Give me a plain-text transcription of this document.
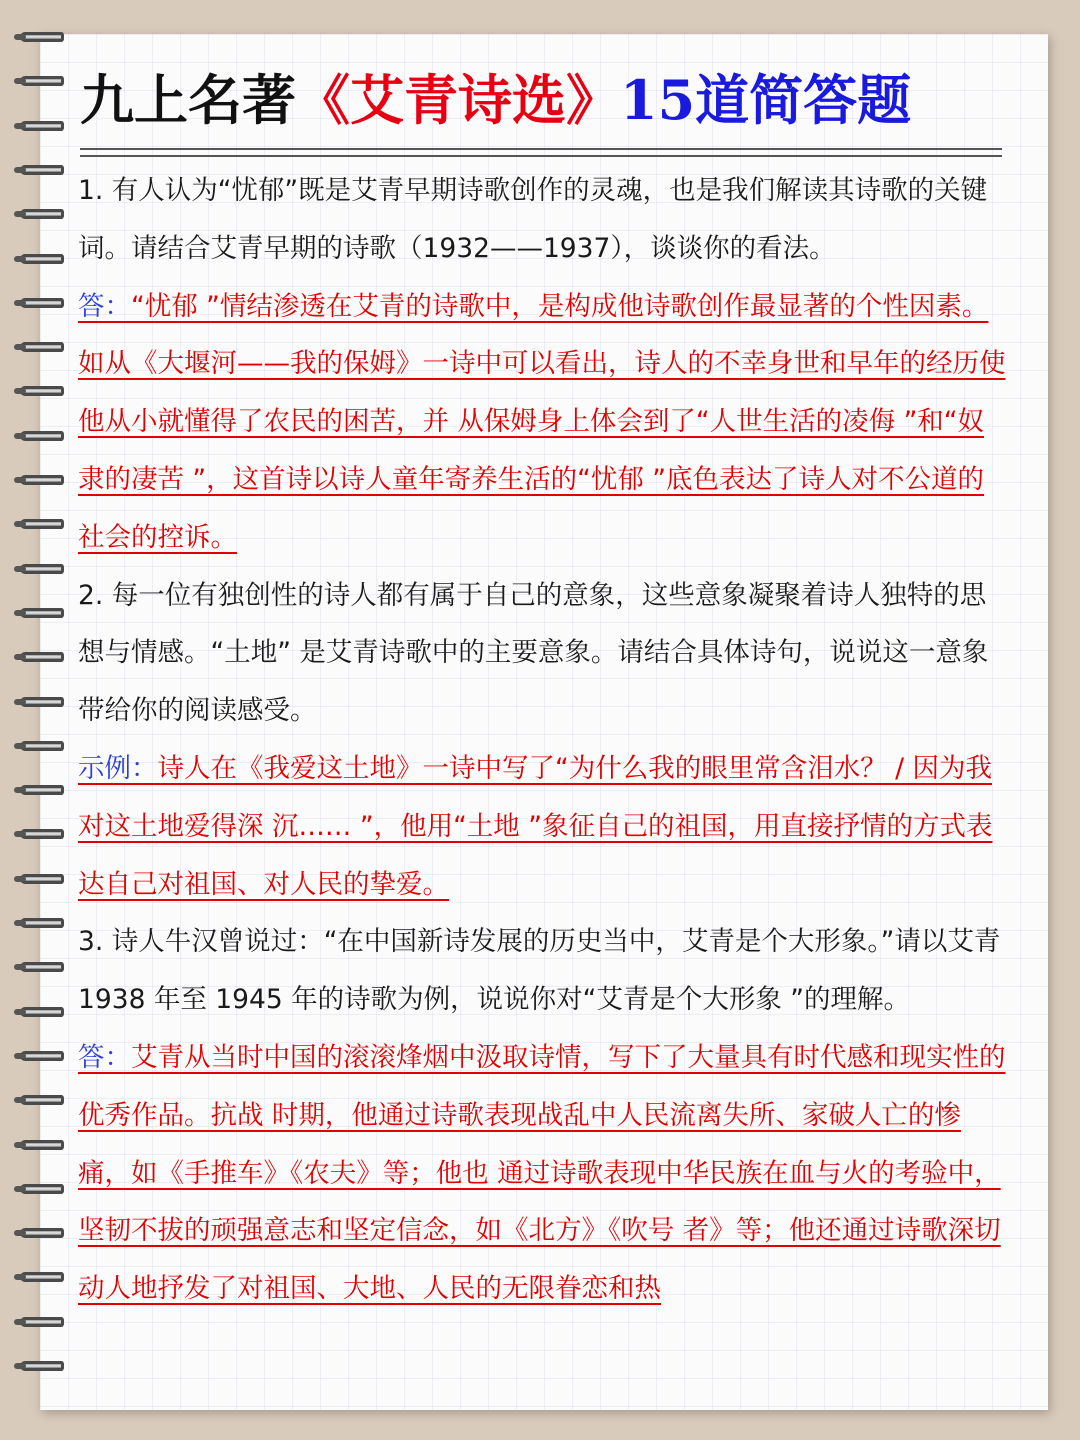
九上名著《艾青诗选》15道简答题

1. 有人认为“忧郁”既是艾青早期诗歌创作的灵魂，也是我们解读其诗歌的关键词。请结合艾青早期的诗歌（1932——1937），谈谈你的看法。

答：“忧郁 ”情结渗透在艾青的诗歌中，是构成他诗歌创作最显著的个性因素。如从《大堰河——我的保姆》一诗中可以看出，诗人的不幸身世和早年的经历使他从小就懂得了农民的困苦，并 从保姆身上体会到了“人世生活的凌侮 ”和“奴隶的凄苦 ”，这首诗以诗人童年寄养生活的“忧郁 ”底色表达了诗人对不公道的社会的控诉。

2. 每一位有独创性的诗人都有属于自己的意象，这些意象凝聚着诗人独特的思想与情感。“土地” 是艾青诗歌中的主要意象。请结合具体诗句，说说这一意象带给你的阅读感受。

示例：诗人在《我爱这土地》一诗中写了“为什么我的眼里常含泪水？ / 因为我对这土地爱得深 沉…… ”，他用“土地 ”象征自己的祖国，用直接抒情的方式表达自己对祖国、对人民的挚爱。

3. 诗人牛汉曾说过：“在中国新诗发展的历史当中，艾青是个大形象。”请以艾青 1938 年至 1945 年的诗歌为例，说说你对“艾青是个大形象 ”的理解。

答：艾青从当时中国的滚滚烽烟中汲取诗情，写下了大量具有时代感和现实性的优秀作品。抗战 时期，他通过诗歌表现战乱中人民流离失所、家破人亡的惨痛，如《手推车》《农夫》等；他也 通过诗歌表现中华民族在血与火的考验中，坚韧不拔的顽强意志和坚定信念，如《北方》《吹号 者》等；他还通过诗歌深切动人地抒发了对祖国、大地、人民的无限眷恋和热
